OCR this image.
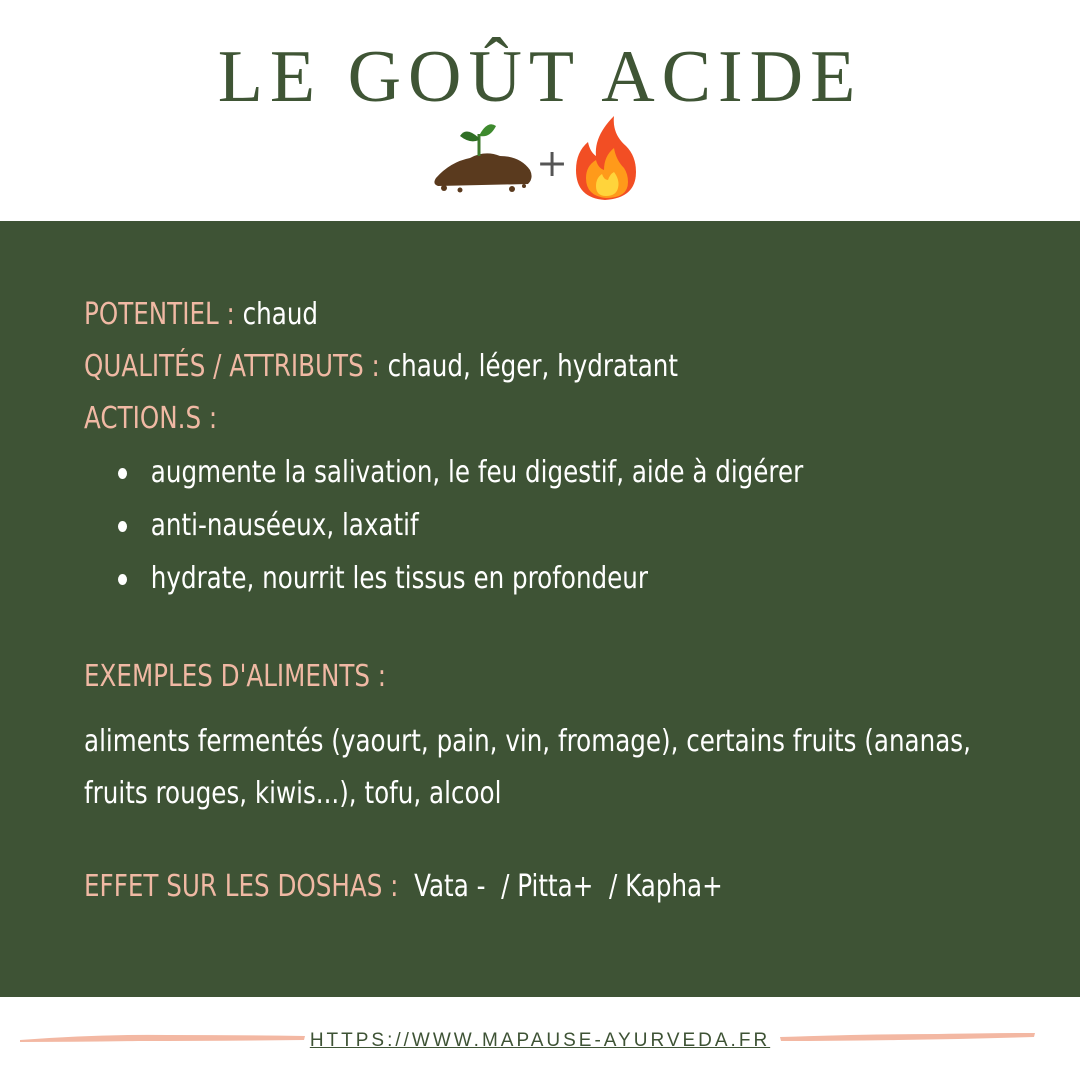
LE GOÛT ACIDE
+
POTENTIEL : chaud
QUALITÉS / ATTRIBUTS : chaud, léger, hydratant
ACTION.S :
augmente la salivation, le feu digestif, aide à digérer
anti-nauséeux, laxatif
hydrate, nourrit les tissus en profondeur
EXEMPLES D'ALIMENTS :
aliments fermentés (yaourt, pain, vin, fromage), certains fruits (ananas, fruits rouges, kiwis...), tofu, alcool
EFFET SUR LES DOSHAS :  Vata -  / Pitta+  / Kapha+
HTTPS://WWW.MAPAUSE-AYURVEDA.FR
